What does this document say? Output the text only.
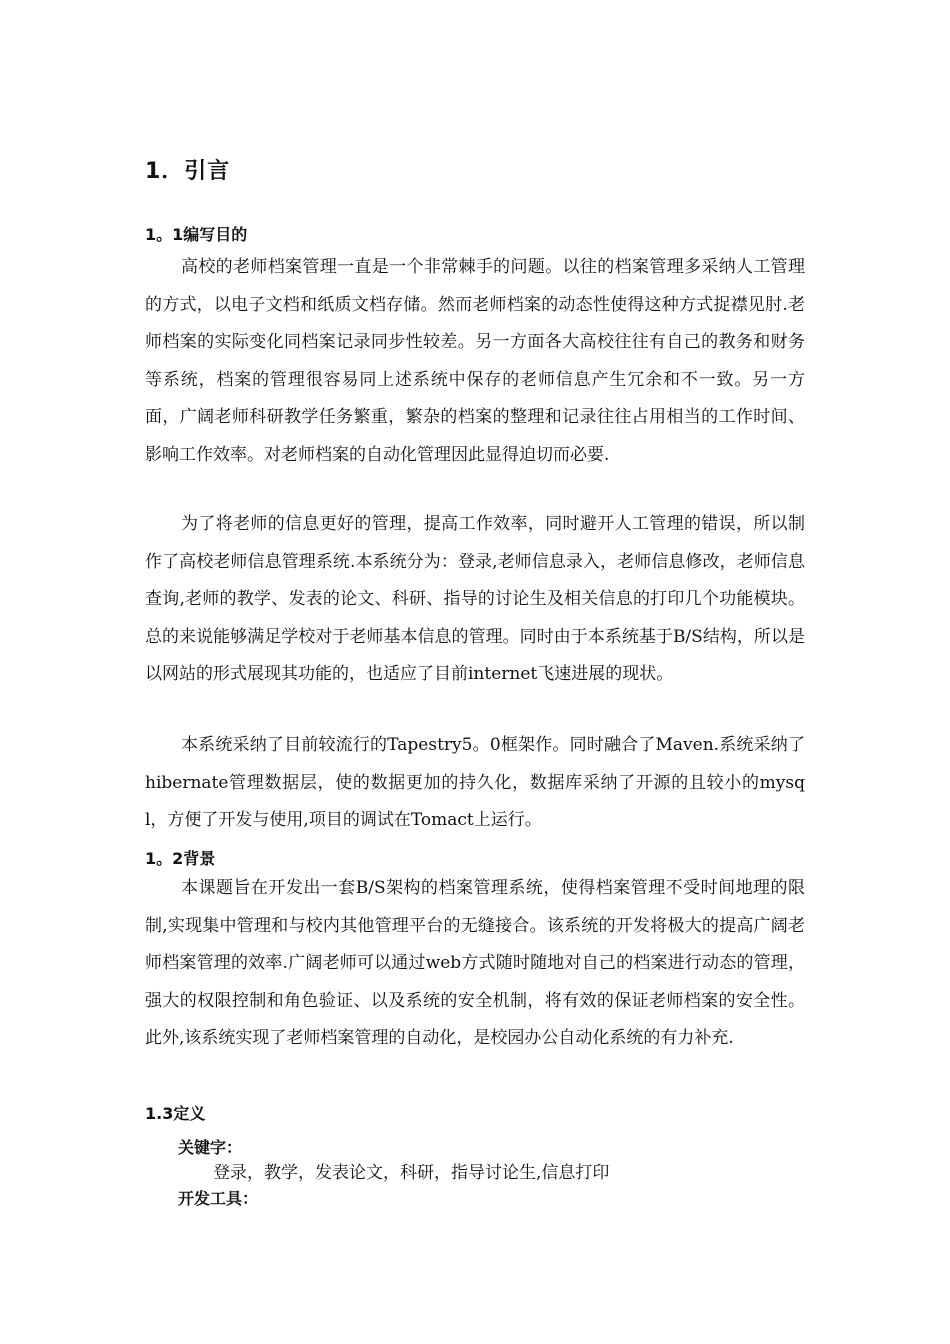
1．引言
1。1编写目的
高校的老师档案管理一直是一个非常棘手的问题。以往的档案管理多采纳人工管理的方式，以电子文档和纸质文档存储。然而老师档案的动态性使得这种方式捉襟见肘.老师档案的实际变化同档案记录同步性较差。另一方面各大高校往往有自己的教务和财务等系统，档案的管理很容易同上述系统中保存的老师信息产生冗余和不一致。另一方面，广阔老师科研教学任务繁重，繁杂的档案的整理和记录往往占用相当的工作时间、影响工作效率。对老师档案的自动化管理因此显得迫切而必要.
为了将老师的信息更好的管理，提高工作效率，同时避开人工管理的错误，所以制作了高校老师信息管理系统.本系统分为：登录,老师信息录入，老师信息修改，老师信息查询,老师的教学、发表的论文、科研、指导的讨论生及相关信息的打印几个功能模块。总的来说能够满足学校对于老师基本信息的管理。同时由于本系统基于B/S结构，所以是以网站的形式展现其功能的，也适应了目前internet飞速进展的现状。
本系统采纳了目前较流行的Tapestry5。0框架作。同时融合了Maven.系统采纳了hibernate管理数据层，使的数据更加的持久化，数据库采纳了开源的且较小的mysql，方便了开发与使用,项目的调试在Tomact上运行。
1。2背景
本课题旨在开发出一套B/S架构的档案管理系统，使得档案管理不受时间地理的限制,实现集中管理和与校内其他管理平台的无缝接合。该系统的开发将极大的提高广阔老师档案管理的效率.广阔老师可以通过web方式随时随地对自己的档案进行动态的管理，强大的权限控制和角色验证、以及系统的安全机制，将有效的保证老师档案的安全性。此外,该系统实现了老师档案管理的自动化，是校园办公自动化系统的有力补充.
1.3定义
关键字：
登录，教学，发表论文，科研，指导讨论生,信息打印
开发工具：
